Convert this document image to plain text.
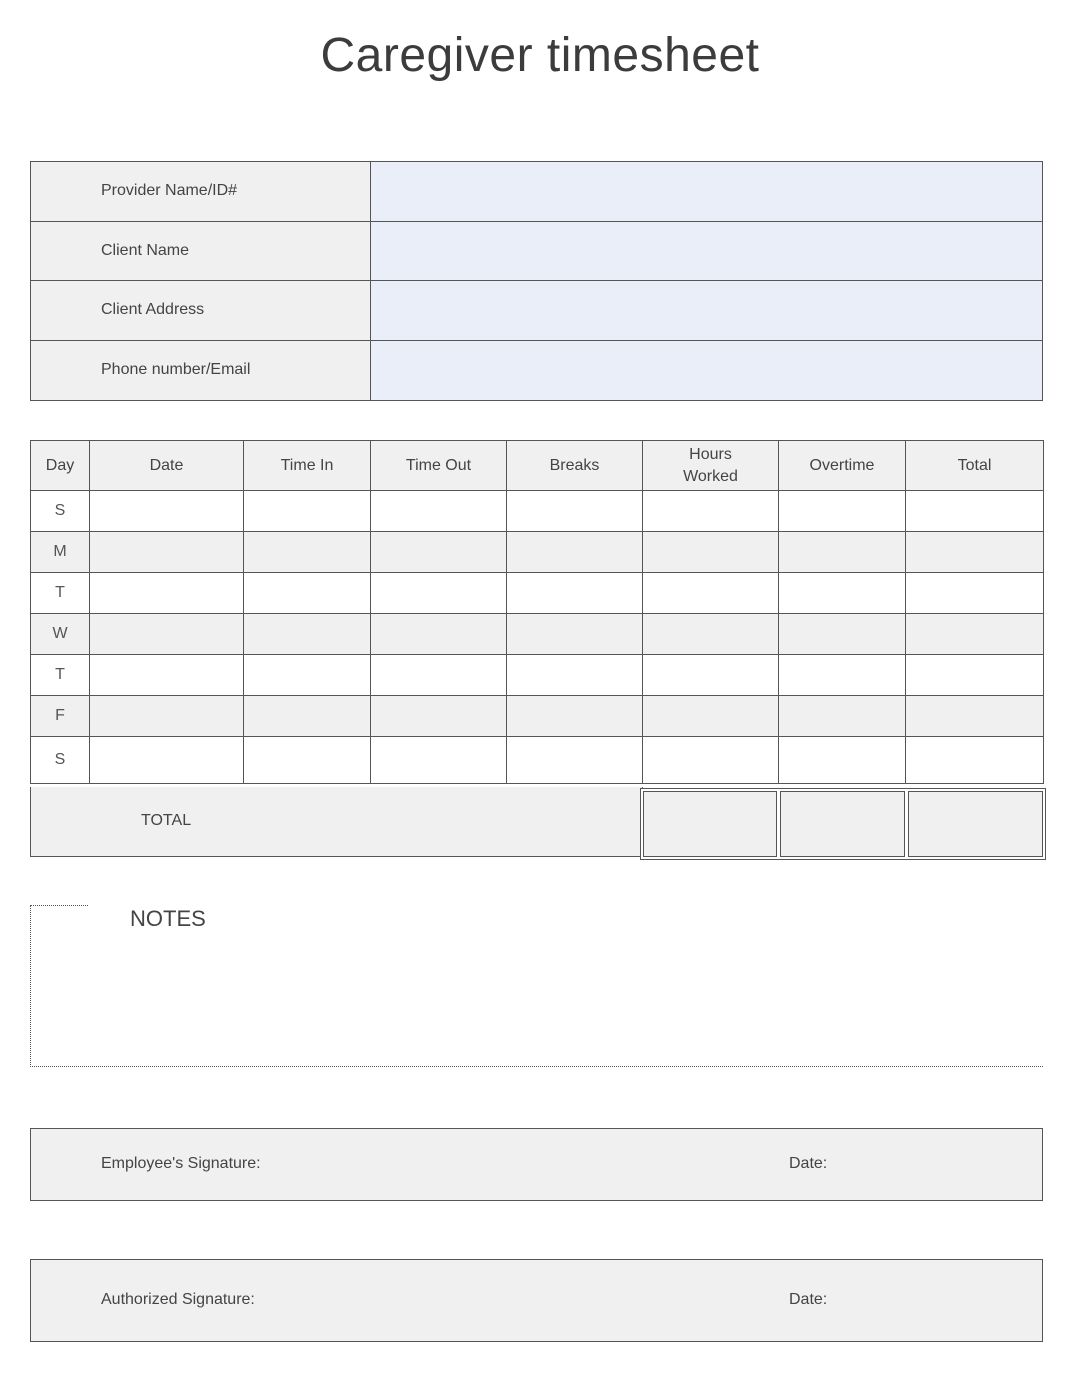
Caregiver timesheet
Provider Name/ID#
Client Name
Client Address
Phone number/Email
Day	Date	Time In	Time Out	Breaks	Hours Worked	Overtime	Total
S							
M							
T							
W							
T							
F							
S							
TOTAL
NOTES
Employee's Signature:	Date:
Authorized Signature:	Date:
